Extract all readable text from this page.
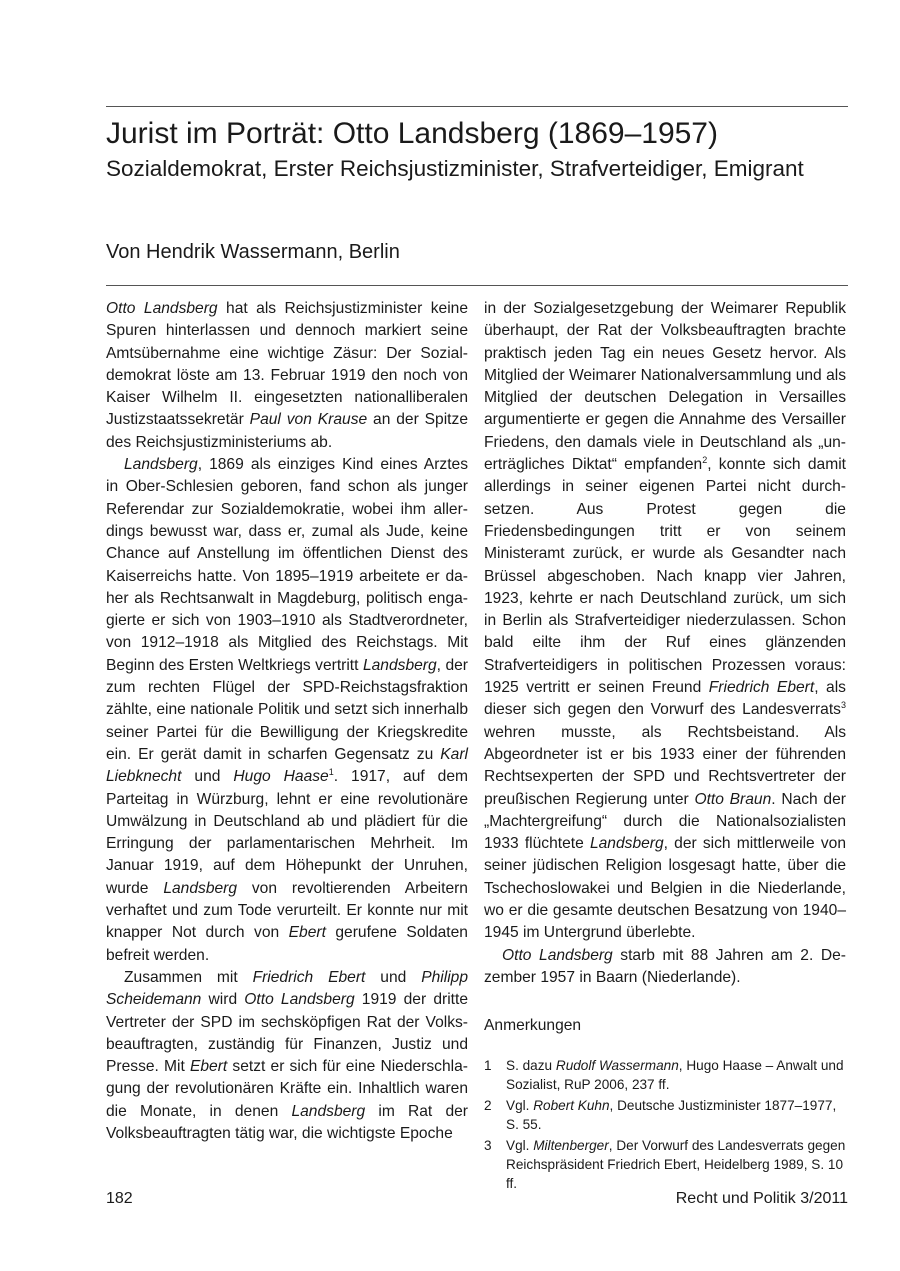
Jurist im Porträt: Otto Landsberg (1869–1957)
Sozialdemokrat, Erster Reichsjustizminister, Strafverteidiger, Emigrant
Von Hendrik Wassermann, Berlin

Otto Landsberg hat als Reichsjustizminister keine Spuren hinterlassen und dennoch markiert seine Amtsübernahme eine wichtige Zäsur: Der Sozialdemokrat löste am 13. Februar 1919 den noch von Kaiser Wilhelm II. eingesetzten nationalliberalen Justizstaatssekretär Paul von Krause an der Spitze des Reichsjustizministeriums ab.

Landsberg, 1869 als einziges Kind eines Arztes in Ober-Schlesien geboren, fand schon als junger Referendar zur Sozialdemokratie, wobei ihm allerdings bewusst war, dass er, zumal als Jude, keine Chance auf Anstellung im öffentlichen Dienst des Kaiserreichs hatte. Von 1895–1919 arbeitete er daher als Rechtsanwalt in Magdeburg, politisch engagierte er sich von 1903–1910 als Stadtverordneter, von 1912–1918 als Mitglied des Reichstags. Mit Beginn des Ersten Weltkriegs vertritt Landsberg, der zum rechten Flügel der SPD-Reichstagsfraktion zählte, eine nationale Politik und setzt sich innerhalb seiner Partei für die Bewilligung der Kriegskredite ein. Er gerät damit in scharfen Gegensatz zu Karl Liebknecht und Hugo Haase$^1$. 1917, auf dem Parteitag in Würzburg, lehnt er eine revolutionäre Umwälzung in Deutschland ab und plädiert für die Erringung der parlamentarischen Mehrheit. Im Januar 1919, auf dem Höhepunkt der Unruhen, wurde Landsberg von revoltierenden Arbeitern verhaftet und zum Tode verurteilt. Er konnte nur mit knapper Not durch von Ebert gerufene Soldaten befreit werden.

Zusammen mit Friedrich Ebert und Philipp Scheidemann wird Otto Landsberg 1919 der dritte Vertreter der SPD im sechsköpfigen Rat der Volksbeauftragten, zuständig für Finanzen, Justiz und Presse. Mit Ebert setzt er sich für eine Niederschlagung der revolutionären Kräfte ein. Inhaltlich waren die Monate, in denen Landsberg im Rat der Volksbeauftragten tätig war, die wichtigste Epoche

in der Sozialgesetzgebung der Weimarer Republik überhaupt, der Rat der Volksbeauftragten brachte praktisch jeden Tag ein neues Gesetz hervor. Als Mitglied der Weimarer Nationalversammlung und als Mitglied der deutschen Delegation in Versailles argumentierte er gegen die Annahme des Versailler Friedens, den damals viele in Deutschland als „unerträgliches Diktat“ empfanden$^2$, konnte sich damit allerdings in seiner eigenen Partei nicht durchsetzen. Aus Protest gegen die Friedensbedingungen tritt er von seinem Ministeramt zurück, er wurde als Gesandter nach Brüssel abgeschoben. Nach knapp vier Jahren, 1923, kehrte er nach Deutschland zurück, um sich in Berlin als Strafverteidiger niederzulassen. Schon bald eilte ihm der Ruf eines glänzenden Strafverteidigers in politischen Prozessen voraus: 1925 vertritt er seinen Freund Friedrich Ebert, als dieser sich gegen den Vorwurf des Landesverrats$^3$ wehren musste, als Rechtsbeistand. Als Abgeordneter ist er bis 1933 einer der führenden Rechtsexperten der SPD und Rechtsvertreter der preußischen Regierung unter Otto Braun. Nach der „Machtergreifung“ durch die Nationalsozialisten 1933 flüchtete Landsberg, der sich mittlerweile von seiner jüdischen Religion losgesagt hatte, über die Tschechoslowakei und Belgien in die Niederlande, wo er die gesamte deutschen Besatzung von 1940–1945 im Untergrund überlebte.

Otto Landsberg starb mit 88 Jahren am 2. Dezember 1957 in Baarn (Niederlande).

Anmerkungen

1	S. dazu Rudolf Wassermann, Hugo Haase – Anwalt und Sozialist, RuP 2006, 237 ff.
2	Vgl. Robert Kuhn, Deutsche Justizminister 1877–1977, S. 55.
3	Vgl. Miltenberger, Der Vorwurf des Landesverrats gegen Reichspräsident Friedrich Ebert, Heidelberg 1989, S. 10 ff.
182	Recht und Politik 3/2011
